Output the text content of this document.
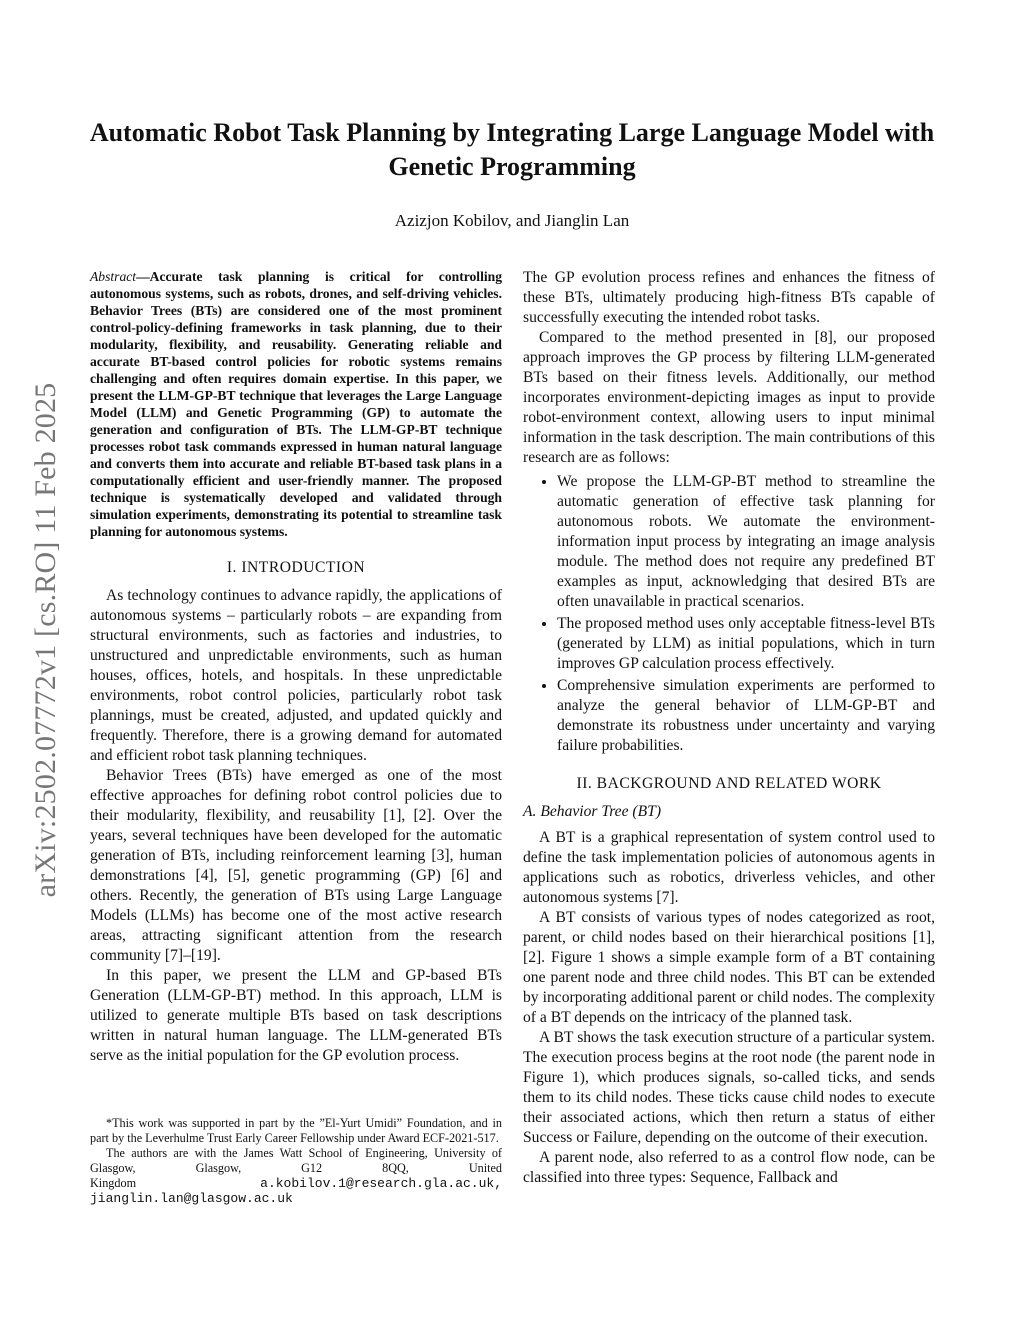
arXiv:2502.07772v1 [cs.RO] 11 Feb 2025
Automatic Robot Task Planning by Integrating Large Language Model with Genetic Programming
Azizjon Kobilov, and Jianglin Lan

Abstract—Accurate task planning is critical for controlling autonomous systems, such as robots, drones, and self-driving vehicles. Behavior Trees (BTs) are considered one of the most prominent control-policy-defining frameworks in task planning, due to their modularity, flexibility, and reusability. Generating reliable and accurate BT-based control policies for robotic systems remains challenging and often requires domain expertise. In this paper, we present the LLM-GP-BT technique that leverages the Large Language Model (LLM) and Genetic Programming (GP) to automate the generation and configuration of BTs. The LLM-GP-BT technique processes robot task commands expressed in human natural language and converts them into accurate and reliable BT-based task plans in a computationally efficient and user-friendly manner. The proposed technique is systematically developed and validated through simulation experiments, demonstrating its potential to streamline task planning for autonomous systems.

I. INTRODUCTION

As technology continues to advance rapidly, the applications of autonomous systems – particularly robots – are expanding from structural environments, such as factories and industries, to unstructured and unpredictable environments, such as human houses, offices, hotels, and hospitals. In these unpredictable environments, robot control policies, particularly robot task plannings, must be created, adjusted, and updated quickly and frequently. Therefore, there is a growing demand for automated and efficient robot task planning techniques.

Behavior Trees (BTs) have emerged as one of the most effective approaches for defining robot control policies due to their modularity, flexibility, and reusability [1], [2]. Over the years, several techniques have been developed for the automatic generation of BTs, including reinforcement learning [3], human demonstrations [4], [5], genetic programming (GP) [6] and others. Recently, the generation of BTs using Large Language Models (LLMs) has become one of the most active research areas, attracting significant attention from the research community [7]–[19].

In this paper, we present the LLM and GP-based BTs Generation (LLM-GP-BT) method. In this approach, LLM is utilized to generate multiple BTs based on task descriptions written in natural human language. The LLM-generated BTs serve as the initial population for the GP evolution process.

*This work was supported in part by the ”El-Yurt Umidi” Foundation, and in part by the Leverhulme Trust Early Career Fellowship under Award ECF-2021-517.

The authors are with the James Watt School of Engineering, University of Glasgow, Glasgow, G12 8QQ, United Kingdom	a.kobilov.1@research.gla.ac.uk, jianglin.lan@glasgow.ac.uk

The GP evolution process refines and enhances the fitness of these BTs, ultimately producing high-fitness BTs capable of successfully executing the intended robot tasks.

Compared to the method presented in [8], our proposed approach improves the GP process by filtering LLM-generated BTs based on their fitness levels. Additionally, our method incorporates environment-depicting images as input to provide robot-environment context, allowing users to input minimal information in the task description. The main contributions of this research are as follows:

• We propose the LLM-GP-BT method to streamline the automatic generation of effective task planning for autonomous robots. We automate the environment-information input process by integrating an image analysis module. The method does not require any predefined BT examples as input, acknowledging that desired BTs are often unavailable in practical scenarios.
• The proposed method uses only acceptable fitness-level BTs (generated by LLM) as initial populations, which in turn improves GP calculation process effectively.
• Comprehensive simulation experiments are performed to analyze the general behavior of LLM-GP-BT and demonstrate its robustness under uncertainty and varying failure probabilities.
II. BACKGROUND AND RELATED WORK
A. Behavior Tree (BT)

A BT is a graphical representation of system control used to define the task implementation policies of autonomous agents in applications such as robotics, driverless vehicles, and other autonomous systems [7].

A BT consists of various types of nodes categorized as root, parent, or child nodes based on their hierarchical positions [1], [2]. Figure 1 shows a simple example form of a BT containing one parent node and three child nodes. This BT can be extended by incorporating additional parent or child nodes. The complexity of a BT depends on the intricacy of the planned task.

A BT shows the task execution structure of a particular system. The execution process begins at the root node (the parent node in Figure 1), which produces signals, so-called ticks, and sends them to its child nodes. These ticks cause child nodes to execute their associated actions, which then return a status of either Success or Failure, depending on the outcome of their execution.

A parent node, also referred to as a control flow node, can be classified into three types: Sequence, Fallback and
